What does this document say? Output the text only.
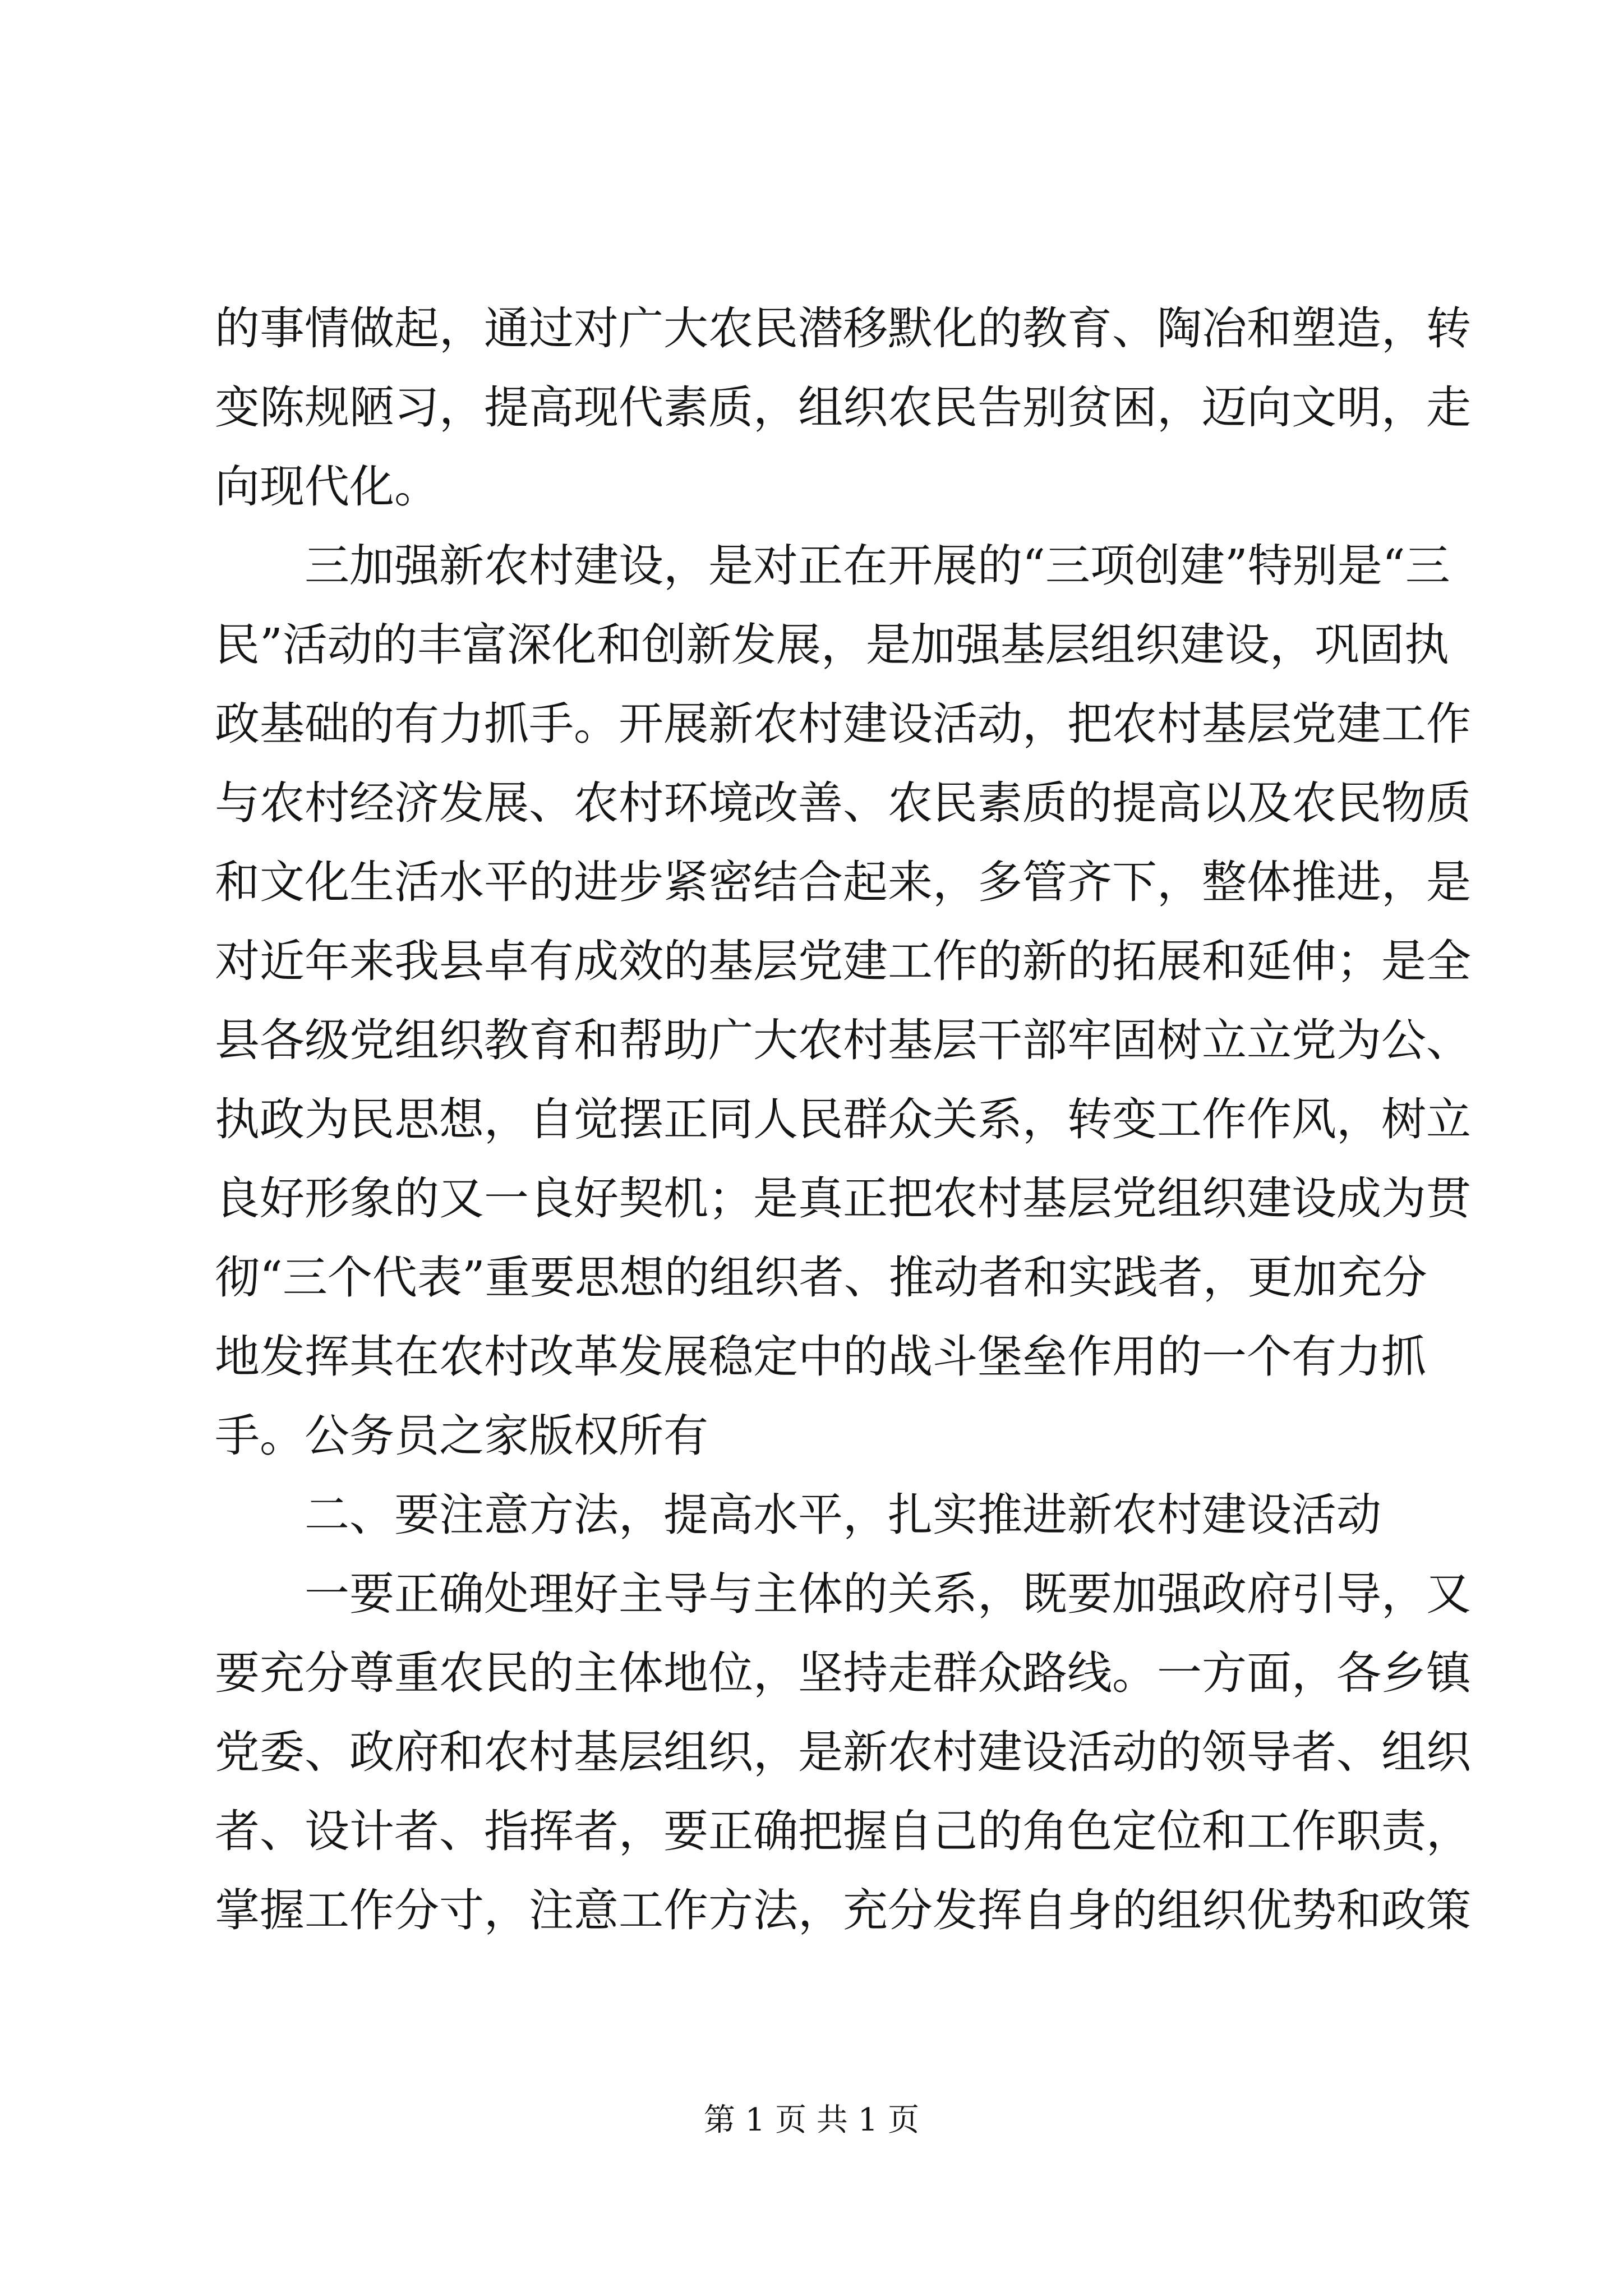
的事情做起，通过对广大农民潜移默化的教育、陶冶和塑造，转
变陈规陋习，提高现代素质，组织农民告别贫困，迈向文明，走
向现代化。
三加强新农村建设，是对正在开展的“三项创建”特别是“三
民”活动的丰富深化和创新发展，是加强基层组织建设，巩固执
政基础的有力抓手。开展新农村建设活动，把农村基层党建工作
与农村经济发展、农村环境改善、农民素质的提高以及农民物质
和文化生活水平的进步紧密结合起来，多管齐下，整体推进，是
对近年来我县卓有成效的基层党建工作的新的拓展和延伸；是全
县各级党组织教育和帮助广大农村基层干部牢固树立立党为公、
执政为民思想，自觉摆正同人民群众关系，转变工作作风，树立
良好形象的又一良好契机；是真正把农村基层党组织建设成为贯
彻“三个代表”重要思想的组织者、推动者和实践者，更加充分
地发挥其在农村改革发展稳定中的战斗堡垒作用的一个有力抓
手。公务员之家版权所有
二、要注意方法，提高水平，扎实推进新农村建设活动
一要正确处理好主导与主体的关系，既要加强政府引导，又
要充分尊重农民的主体地位，坚持走群众路线。一方面，各乡镇
党委、政府和农村基层组织，是新农村建设活动的领导者、组织
者、设计者、指挥者，要正确把握自己的角色定位和工作职责，
掌握工作分寸，注意工作方法，充分发挥自身的组织优势和政策
第 1 页 共 1 页
